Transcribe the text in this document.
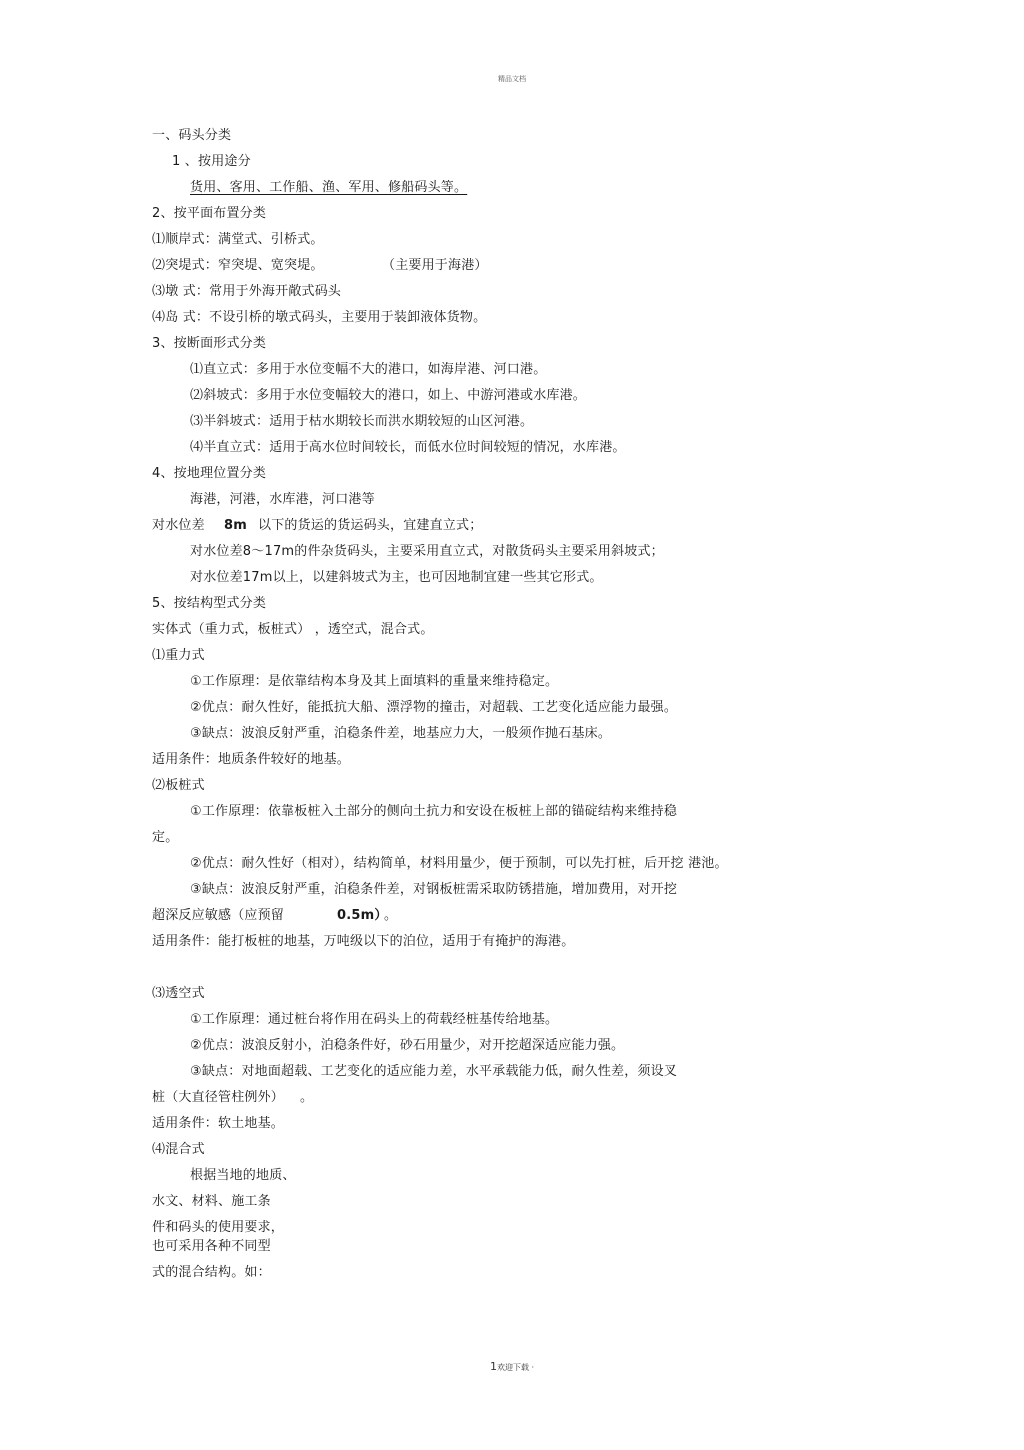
精品文档
一、码头分类
1 、按用途分
货用、客用、工作船、渔、军用、修船码头等。
2、按平面布置分类
⑴顺岸式：满堂式、引桥式。
⑵突堤式：窄突堤、宽突堤。	（主要用于海港）
⑶墩 式：常用于外海开敞式码头
⑷岛 式：不设引桥的墩式码头，主要用于装卸液体货物。
3、按断面形式分类
⑴直立式：多用于水位变幅不大的港口，如海岸港、河口港。
⑵斜坡式：多用于水位变幅较大的港口，如上、中游河港或水库港。
⑶半斜坡式：适用于枯水期较长而洪水期较短的山区河港。
⑷半直立式：适用于高水位时间较长，而低水位时间较短的情况，水库港。
4、按地理位置分类
海港，河港，水库港，河口港等
对水位差 8m 以下的货运的货运码头，宜建直立式；
对水位差8～17m的件杂货码头，主要采用直立式，对散货码头主要采用斜坡式；
对水位差17m以上，以建斜坡式为主，也可因地制宜建一些其它形式。
5、按结构型式分类
实体式（重力式，板桩式） ，透空式，混合式。
⑴重力式
①工作原理：是依靠结构本身及其上面填料的重量来维持稳定。
②优点：耐久性好，能抵抗大船、漂浮物的撞击，对超载、工艺变化适应能力最强。
③缺点：波浪反射严重，泊稳条件差，地基应力大，一般须作抛石基床。
适用条件：地质条件较好的地基。
⑵板桩式
①工作原理：依靠板桩入土部分的侧向土抗力和安设在板桩上部的锚碇结构来维持稳
定。
②优点：耐久性好（相对），结构简单，材料用量少，便于预制，可以先打桩，后开挖 港池。
③缺点：波浪反射严重，泊稳条件差，对钢板桩需采取防锈措施，增加费用，对开挖
超深反应敏感（应预留	0.5m）
。
适用条件：能打板桩的地基，万吨级以下的泊位，适用于有掩护的海港。
⑶透空式
①工作原理：通过桩台将作用在码头上的荷载经桩基传给地基。
②优点：波浪反射小，泊稳条件好，砂石用量少，对开挖超深适应能力强。
③缺点：对地面超载、工艺变化的适应能力差，水平承载能力低，耐久性差，须设叉
桩（大直径管柱例外） 。
适用条件：软土地基。
⑷混合式
根据当地的地质、
水文、材料、施工条
件和码头的使用要求，
也可采用各种不同型
式的混合结构。如：
1欢迎下载 ·
